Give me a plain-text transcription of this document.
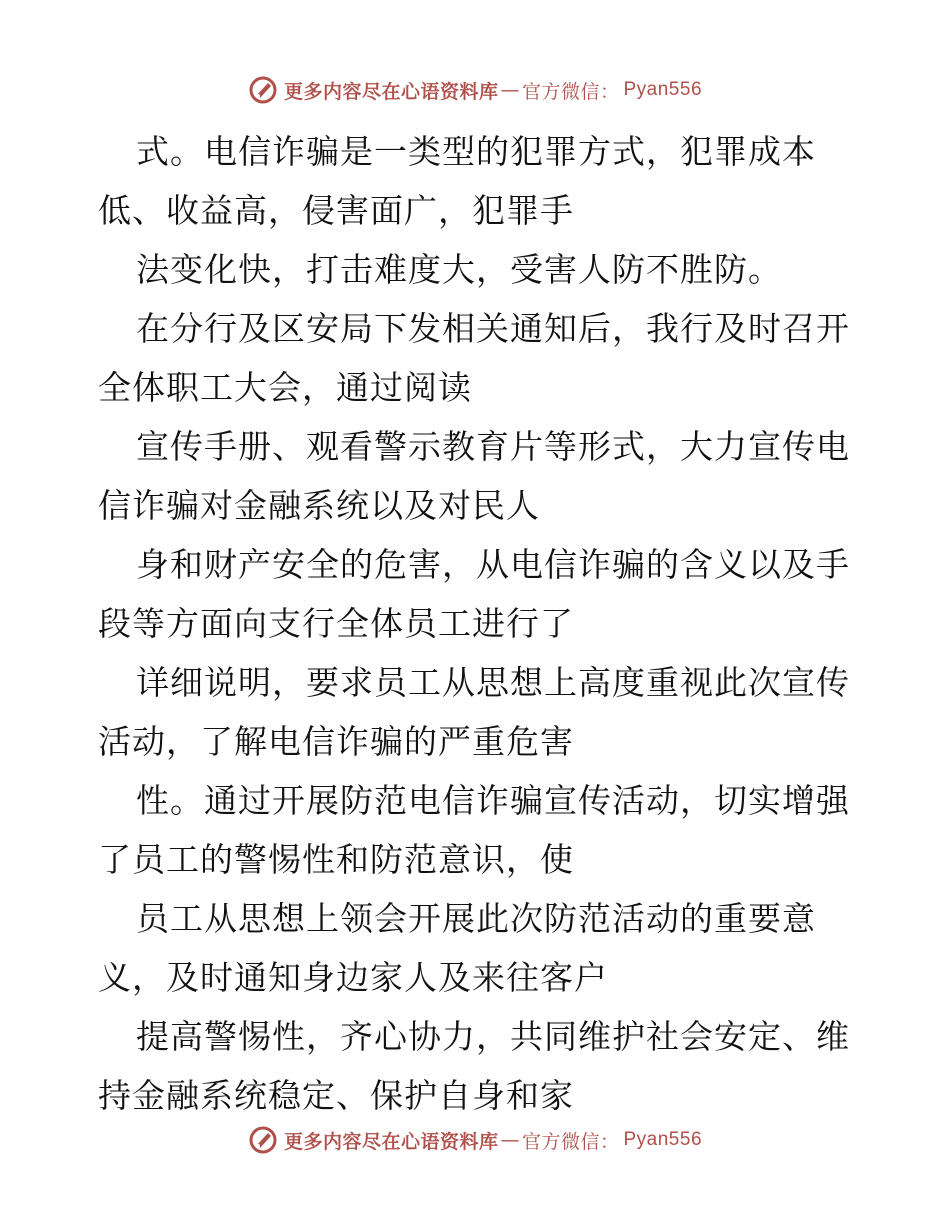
更多内容尽在心语资料库 — 官方微信： Pyan556
式。电信诈骗是一类型的犯罪方式，犯罪成本
低、收益高，侵害面广，犯罪手
法变化快，打击难度大，受害人防不胜防。
在分行及区安局下发相关通知后，我行及时召开
全体职工大会，通过阅读
宣传手册、观看警示教育片等形式，大力宣传电
信诈骗对金融系统以及对民人
身和财产安全的危害，从电信诈骗的含义以及手
段等方面向支行全体员工进行了
详细说明，要求员工从思想上高度重视此次宣传
活动，了解电信诈骗的严重危害
性。通过开展防范电信诈骗宣传活动，切实增强
了员工的警惕性和防范意识，使
员工从思想上领会开展此次防范活动的重要意
义，及时通知身边家人及来往客户
提高警惕性，齐心协力，共同维护社会安定、维
持金融系统稳定、保护自身和家
更多内容尽在心语资料库 — 官方微信： Pyan556
